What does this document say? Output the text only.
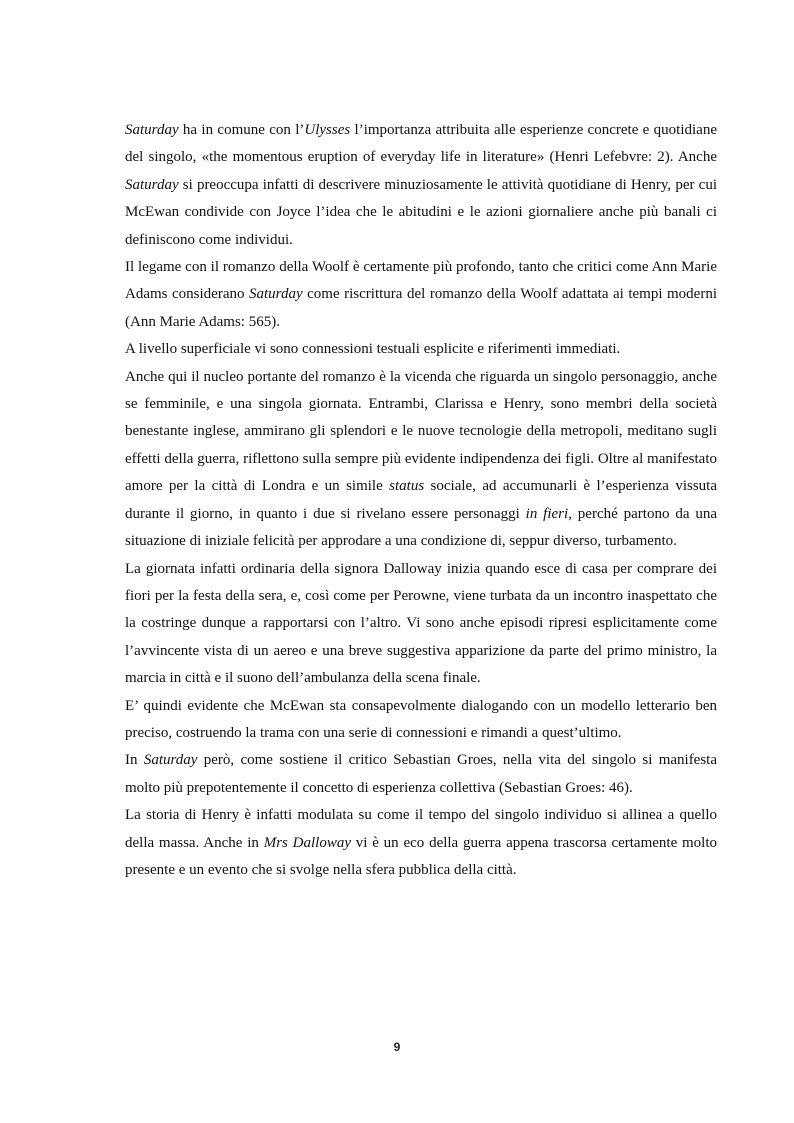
Saturday ha in comune con l’Ulysses l’importanza attribuita alle esperienze concrete e quotidiane del singolo, «the momentous eruption of everyday life in literature» (Henri Lefebvre: 2). Anche Saturday si preoccupa infatti di descrivere minuziosamente le attività quotidiane di Henry, per cui McEwan condivide con Joyce l’idea che le abitudini e le azioni giornaliere anche più banali ci definiscono come individui.

Il legame con il romanzo della Woolf è certamente più profondo, tanto che critici come Ann Marie Adams considerano Saturday come riscrittura del romanzo della Woolf adattata ai tempi moderni (Ann Marie Adams: 565).

A livello superficiale vi sono connessioni testuali esplicite e riferimenti immediati.

Anche qui il nucleo portante del romanzo è la vicenda che riguarda un singolo personaggio, anche se femminile, e una singola giornata. Entrambi, Clarissa e Henry, sono membri della società benestante inglese, ammirano gli splendori e le nuove tecnologie della metropoli, meditano sugli effetti della guerra, riflettono sulla sempre più evidente indipendenza dei figli. Oltre al manifestato amore per la città di Londra e un simile status sociale, ad accumunarli è l’esperienza vissuta durante il giorno, in quanto i due si rivelano essere personaggi in fieri, perché partono da una situazione di iniziale felicità per approdare a una condizione di, seppur diverso, turbamento.

La giornata infatti ordinaria della signora Dalloway inizia quando esce di casa per comprare dei fiori per la festa della sera, e, così come per Perowne, viene turbata da un incontro inaspettato che la costringe dunque a rapportarsi con l’altro. Vi sono anche episodi ripresi esplicitamente come l’avvincente vista di un aereo e una breve suggestiva apparizione da parte del primo ministro, la marcia in città e il suono dell’ambulanza della scena finale.

E’ quindi evidente che McEwan sta consapevolmente dialogando con un modello letterario ben preciso, costruendo la trama con una serie di connessioni e rimandi a quest’ultimo.

In Saturday però, come sostiene il critico Sebastian Groes, nella vita del singolo si manifesta molto più prepotentemente il concetto di esperienza collettiva (Sebastian Groes: 46).

La storia di Henry è infatti modulata su come il tempo del singolo individuo si allinea a quello della massa. Anche in Mrs Dalloway vi è un eco della guerra appena trascorsa certamente molto presente e un evento che si svolge nella sfera pubblica della città.

9
